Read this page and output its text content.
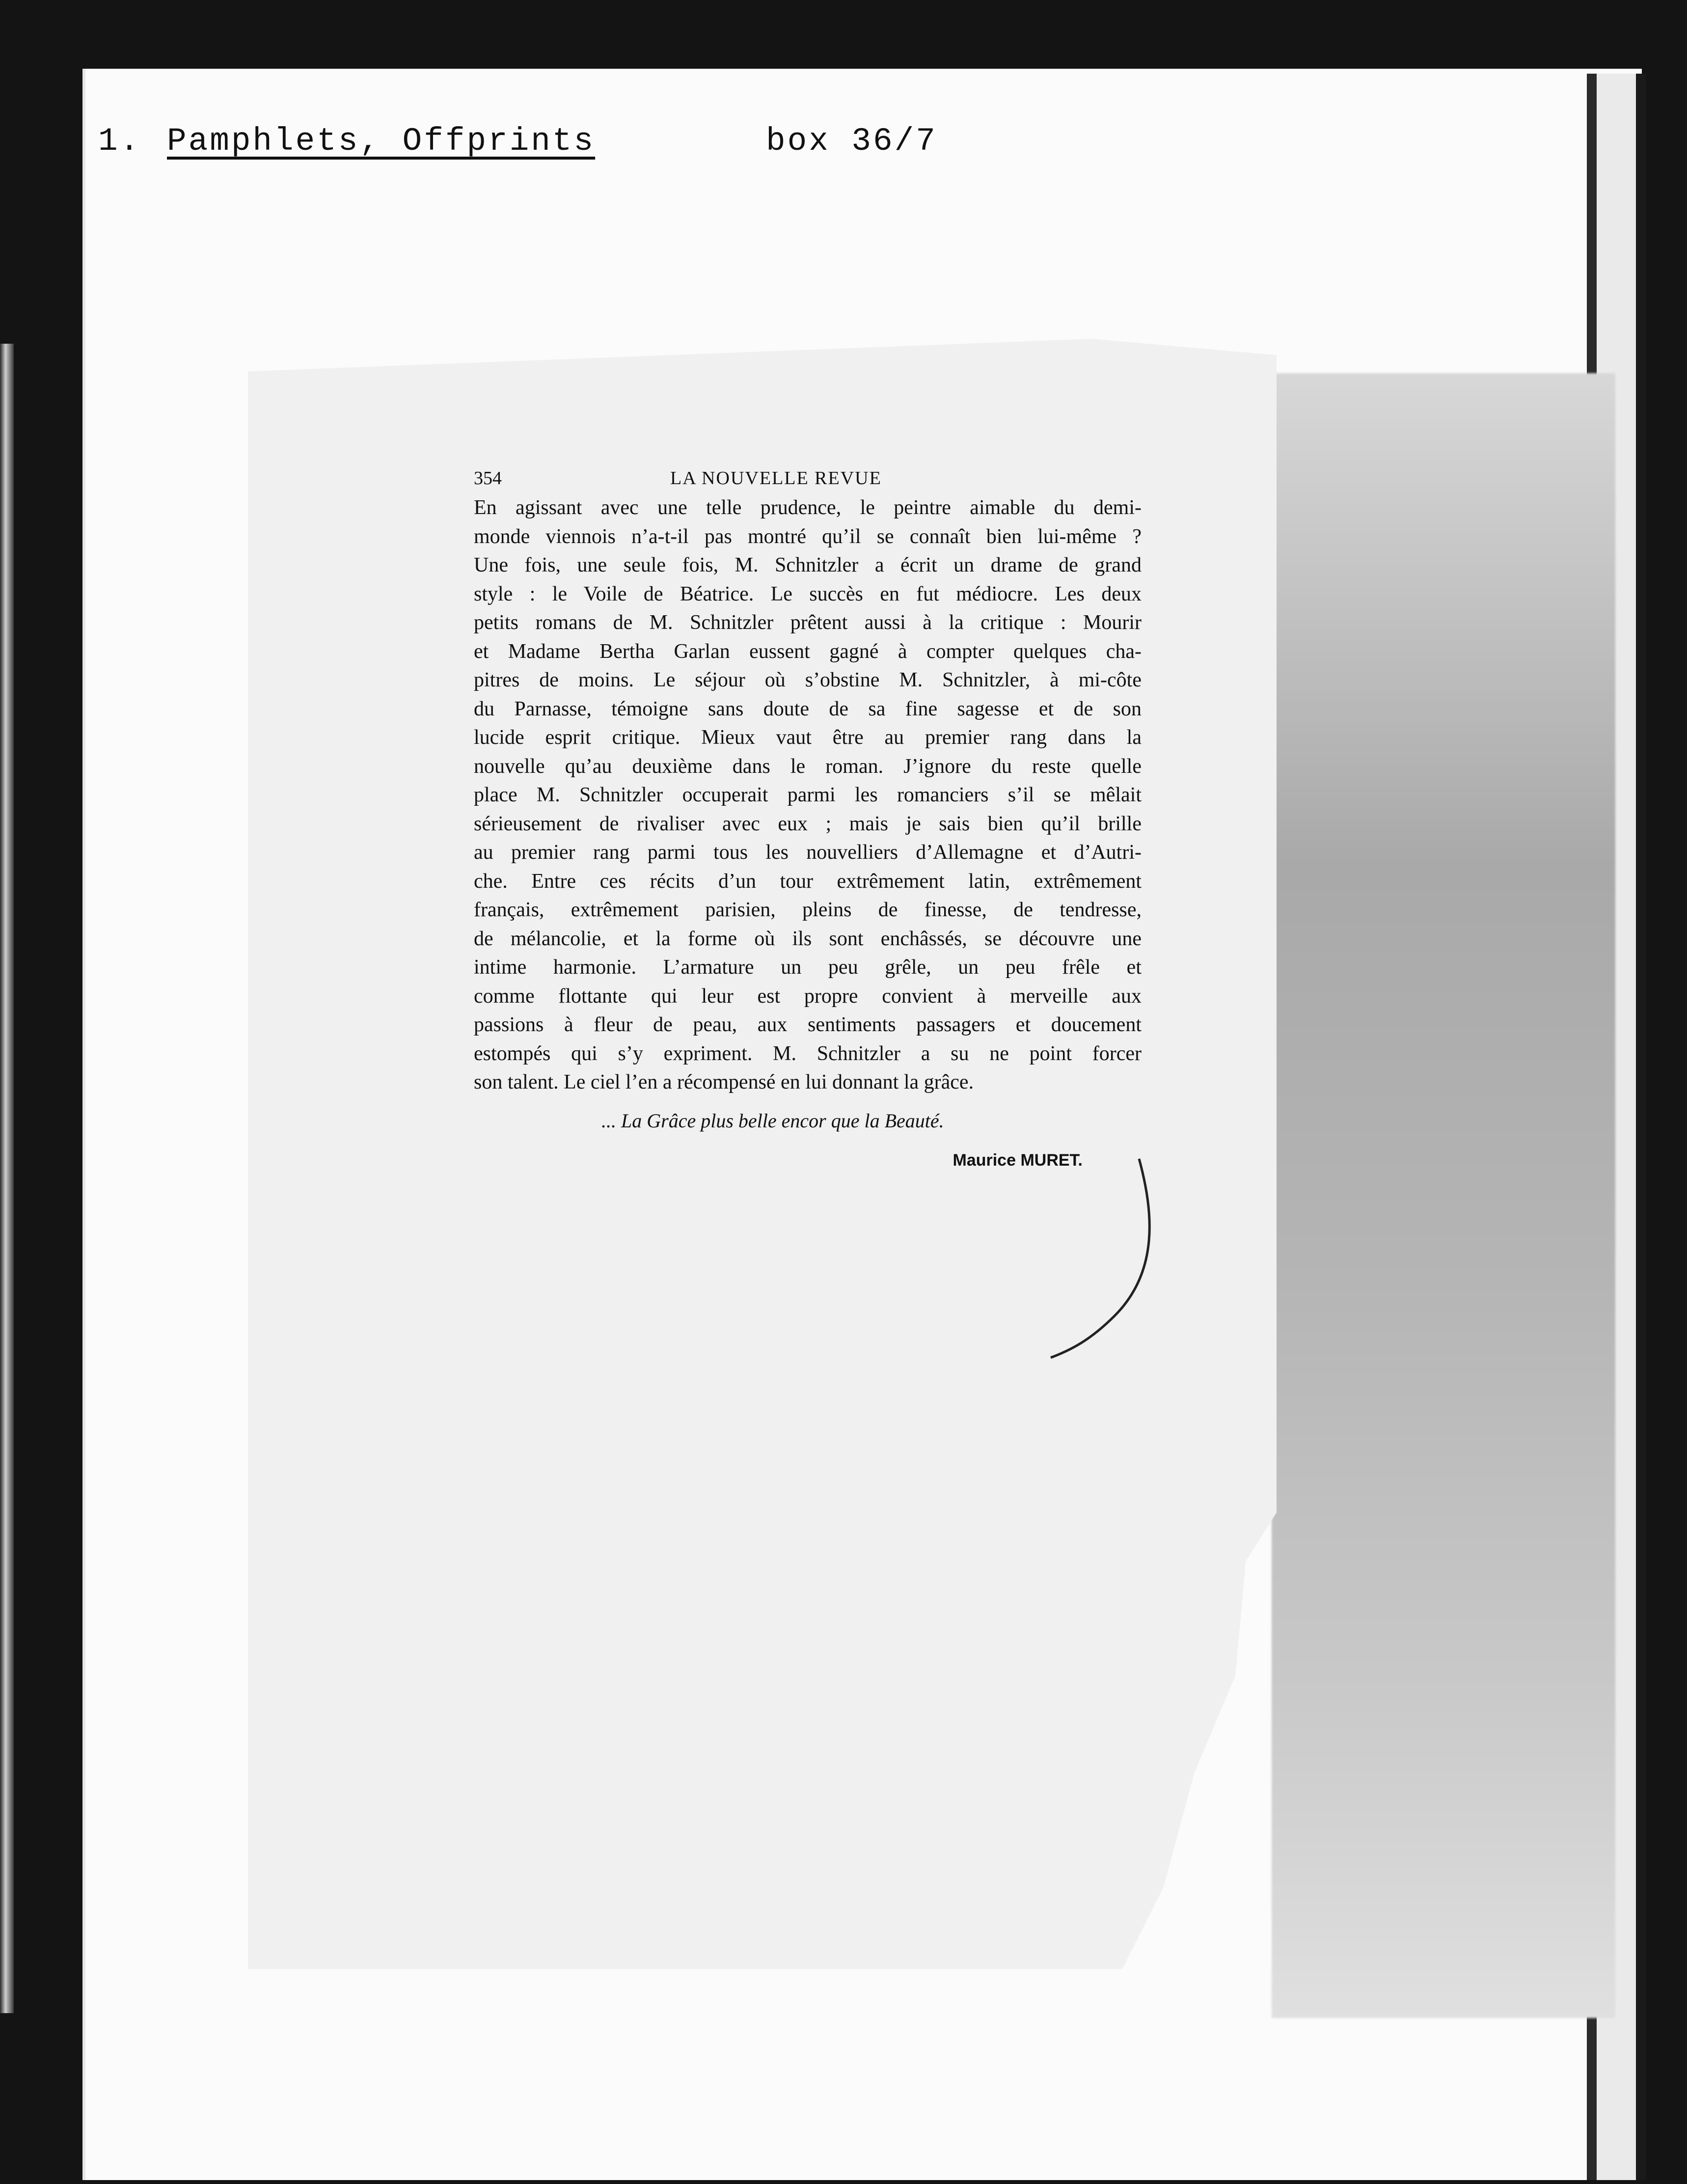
1. Pamphlets, Offprints	box 36/7
354	LA NOUVELLE REVUE
En agissant avec une telle prudence, le peintre aimable du demi-
monde viennois n’a-t-il pas montré qu’il se connaît bien lui-même ?
Une fois, une seule fois, M. Schnitzler a écrit un drame de grand
style : le Voile de Béatrice. Le succès en fut médiocre. Les deux
petits romans de M. Schnitzler prêtent aussi à la critique : Mourir
et Madame Bertha Garlan eussent gagné à compter quelques cha-
pitres de moins. Le séjour où s’obstine M. Schnitzler, à mi-côte
du Parnasse, témoigne sans doute de sa fine sagesse et de son
lucide esprit critique. Mieux vaut être au premier rang dans la
nouvelle qu’au deuxième dans le roman. J’ignore du reste quelle
place M. Schnitzler occuperait parmi les romanciers s’il se mêlait
sérieusement de rivaliser avec eux ; mais je sais bien qu’il brille
au premier rang parmi tous les nouvelliers d’Allemagne et d’Autri-
che. Entre ces récits d’un tour extrêmement latin, extrêmement
français, extrêmement parisien, pleins de finesse, de tendresse,
de mélancolie, et la forme où ils sont enchâssés, se découvre une
intime harmonie. L’armature un peu grêle, un peu frêle et
comme flottante qui leur est propre convient à merveille aux
passions à fleur de peau, aux sentiments passagers et doucement
estompés qui s’y expriment. M. Schnitzler a su ne point forcer
son talent. Le ciel l’en a récompensé en lui donnant la grâce.
... La Grâce plus belle encor que la Beauté.
Maurice MURET.
